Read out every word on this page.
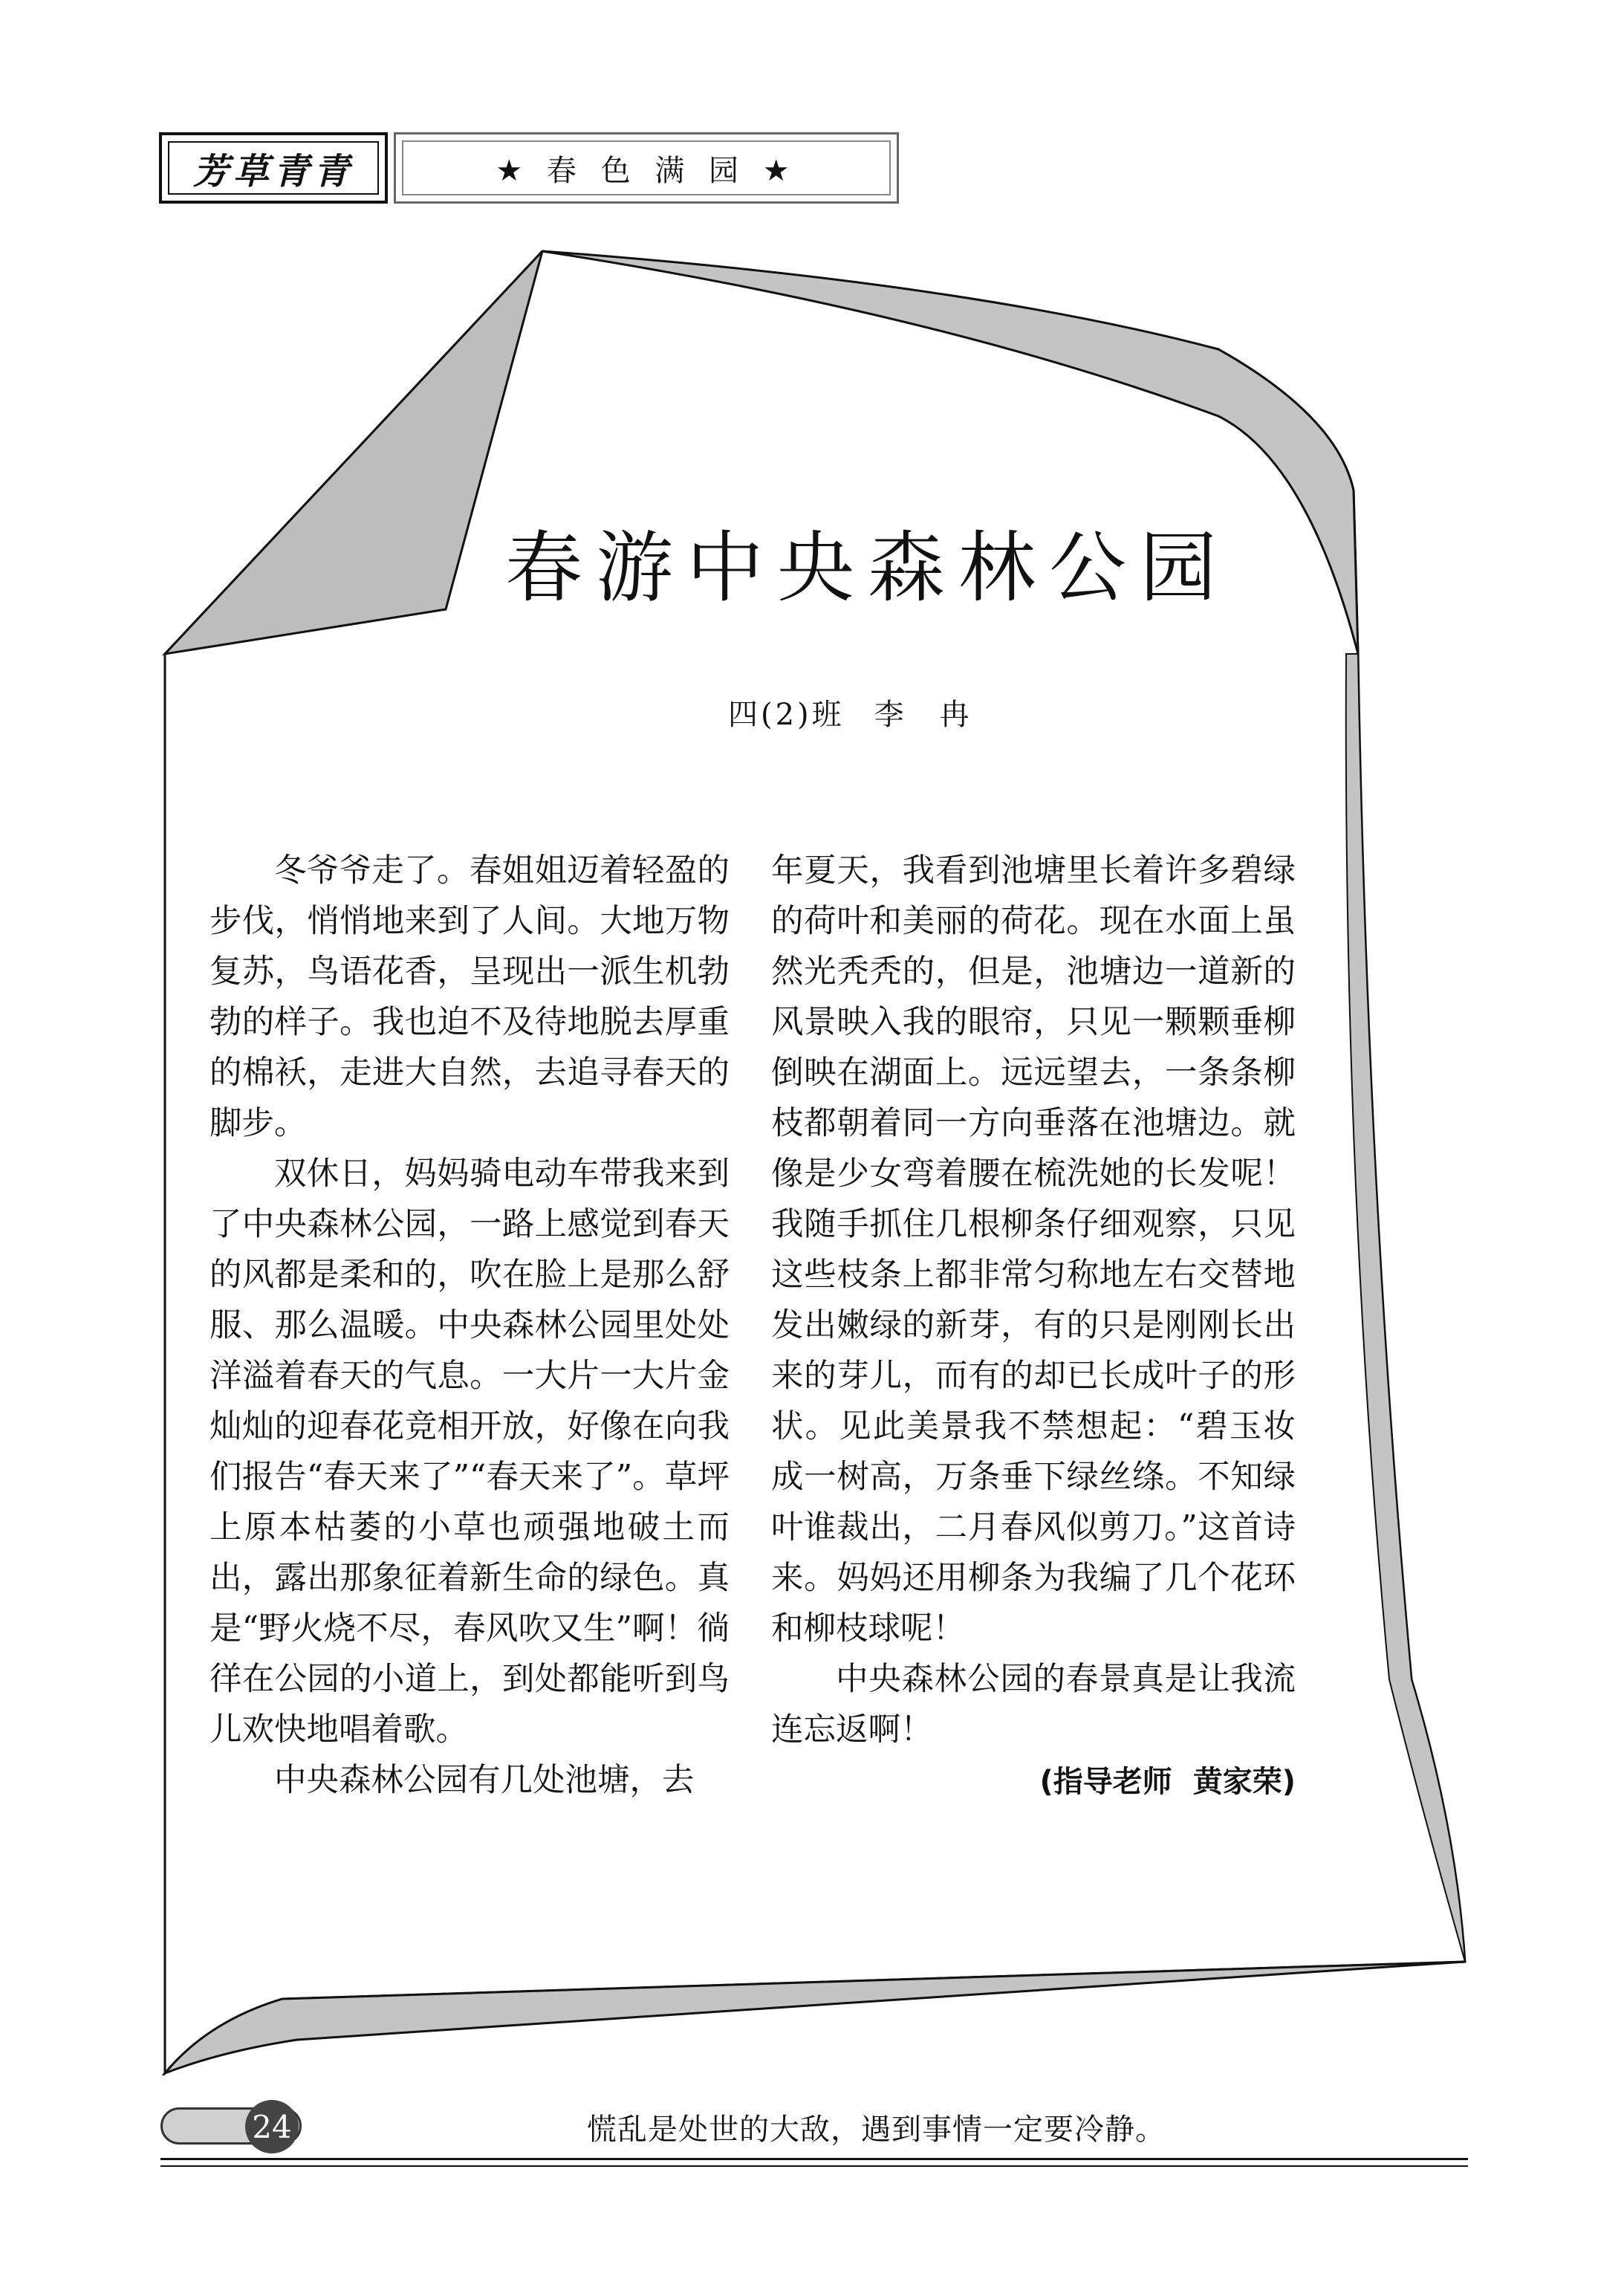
芳草青青	★ 春 色 满 园 ★
春游中央森林公园
四(2)班 李　冉

冬爷爷走了。春姐姐迈着轻盈的步伐，悄悄地来到了人间。大地万物复苏，鸟语花香，呈现出一派生机勃勃的样子。我也迫不及待地脱去厚重的棉袄，走进大自然，去追寻春天的脚步。

双休日，妈妈骑电动车带我来到了中央森林公园，一路上感觉到春天的风都是柔和的，吹在脸上是那么舒服、那么温暖。中央森林公园里处处洋溢着春天的气息。一大片一大片金灿灿的迎春花竞相开放，好像在向我们报告“春天来了”“春天来了”。草坪上原本枯萎的小草也顽强地破土而出，露出那象征着新生命的绿色。真是“野火烧不尽，春风吹又生”啊！徜徉在公园的小道上，到处都能听到鸟儿欢快地唱着歌。

中央森林公园有几处池塘，去

年夏天，我看到池塘里长着许多碧绿的荷叶和美丽的荷花。现在水面上虽然光秃秃的，但是，池塘边一道新的风景映入我的眼帘，只见一颗颗垂柳倒映在湖面上。远远望去，一条条柳枝都朝着同一方向垂落在池塘边。就像是少女弯着腰在梳洗她的长发呢！我随手抓住几根柳条仔细观察，只见这些枝条上都非常匀称地左右交替地发出嫩绿的新芽，有的只是刚刚长出来的芽儿，而有的却已长成叶子的形状。见此美景我不禁想起：“碧玉妆成一树高，万条垂下绿丝绦。不知绿叶谁裁出，二月春风似剪刀。”这首诗来。妈妈还用柳条为我编了几个花环和柳枝球呢！

中央森林公园的春景真是让我流连忘返啊！

(指导老师 黄家荣)
24	慌乱是处世的大敌，遇到事情一定要冷静。
